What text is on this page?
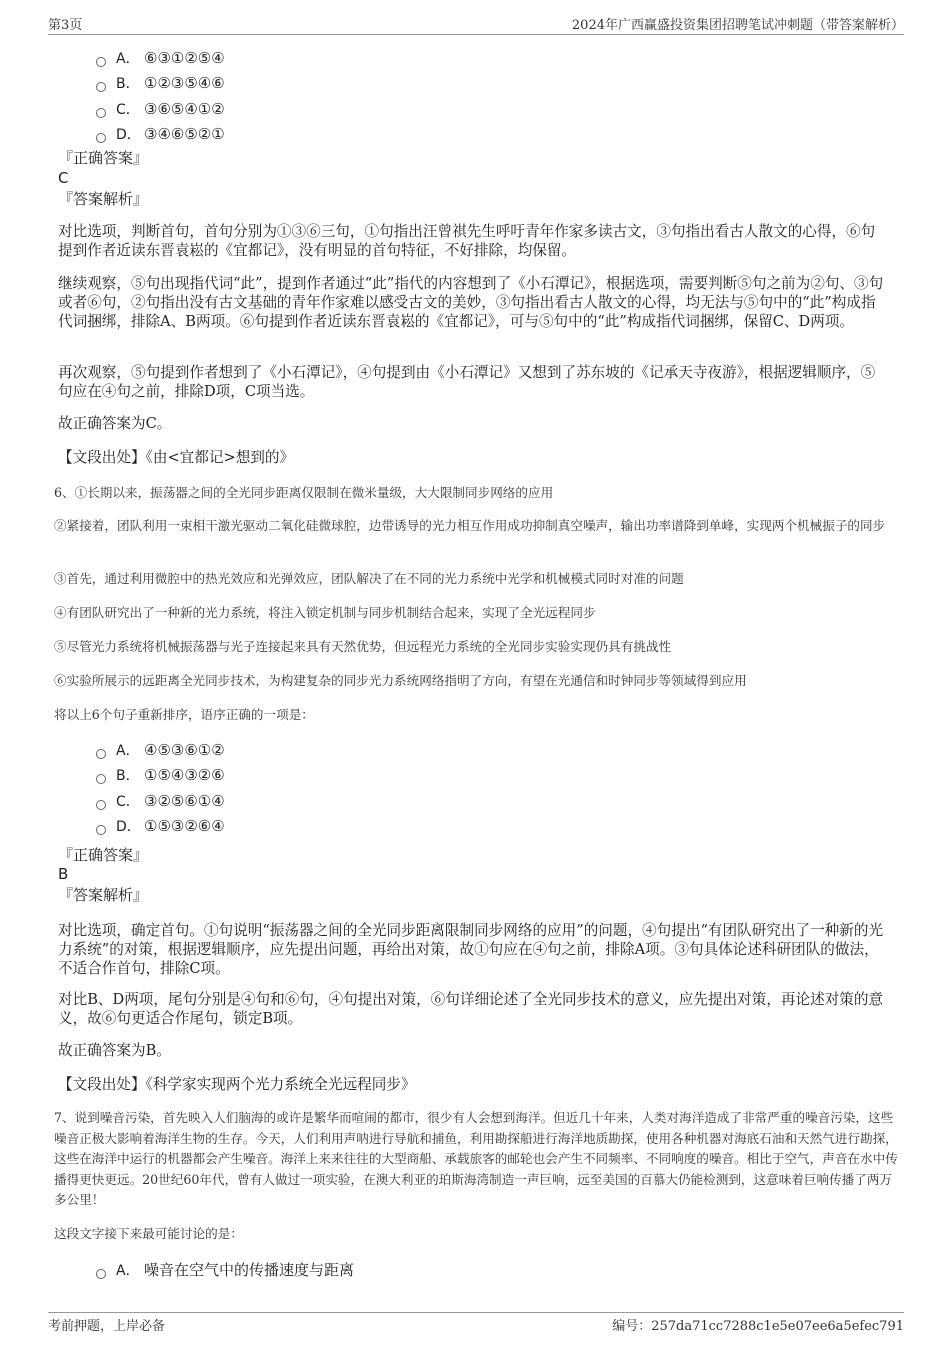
第3页	2024年广西赢盛投资集团招聘笔试冲刺题（带答案解析）
A． ⑥③①②⑤④
B． ①②③⑤④⑥
C． ③⑥⑤④①②
D． ③④⑥⑤②①
『正确答案』
C
『答案解析』

对比选项，判断首句，首句分别为①③⑥三句，①句指出汪曾祺先生呼吁青年作家多读古文，③句指出看古人散文的心得，⑥句提到作者近读东晋袁崧的《宜都记》，没有明显的首句特征，不好排除，均保留。

继续观察，⑤句出现指代词“此”，提到作者通过“此”指代的内容想到了《小石潭记》，根据选项，需要判断⑤句之前为②句、③句或者⑥句，②句指出没有古文基础的青年作家难以感受古文的美妙，③句指出看古人散文的心得，均无法与⑤句中的“此”构成指代词捆绑，排除A、B两项。⑥句提到作者近读东晋袁崧的《宜都记》，可与⑤句中的“此”构成指代词捆绑，保留C、D两项。

再次观察，⑤句提到作者想到了《小石潭记》，④句提到由《小石潭记》又想到了苏东坡的《记承天寺夜游》，根据逻辑顺序，⑤句应在④句之前，排除D项，C项当选。

故正确答案为C。

【文段出处】《由<宜都记>想到的》

6、①长期以来，振荡器之间的全光同步距离仅限制在微米量级，大大限制同步网络的应用

②紧接着，团队利用一束相干激光驱动二氧化硅微球腔，边带诱导的光力相互作用成功抑制真空噪声，输出功率谱降到单峰，实现两个机械振子的同步

③首先，通过利用微腔中的热光效应和光弹效应，团队解决了在不同的光力系统中光学和机械模式同时对准的问题

④有团队研究出了一种新的光力系统，将注入锁定机制与同步机制结合起来，实现了全光远程同步

⑤尽管光力系统将机械振荡器与光子连接起来具有天然优势，但远程光力系统的全光同步实验实现仍具有挑战性

⑥实验所展示的远距离全光同步技术，为构建复杂的同步光力系统网络指明了方向，有望在光通信和时钟同步等领域得到应用

将以上6个句子重新排序，语序正确的一项是：

A． ④⑤③⑥①②
B． ①⑤④③②⑥
C． ③②⑤⑥①④
D． ①⑤③②⑥④
『正确答案』
B
『答案解析』

对比选项，确定首句。①句说明“振荡器之间的全光同步距离限制同步网络的应用”的问题，④句提出“有团队研究出了一种新的光力系统”的对策，根据逻辑顺序，应先提出问题，再给出对策，故①句应在④句之前，排除A项。③句具体论述科研团队的做法，不适合作首句，排除C项。

对比B、D两项，尾句分别是④句和⑥句，④句提出对策，⑥句详细论述了全光同步技术的意义，应先提出对策，再论述对策的意义，故⑥句更适合作尾句，锁定B项。

故正确答案为B。

【文段出处】《科学家实现两个光力系统全光远程同步》

7、说到噪音污染，首先映入人们脑海的或许是繁华而喧闹的都市，很少有人会想到海洋。但近几十年来，人类对海洋造成了非常严重的噪音污染，这些噪音正极大影响着海洋生物的生存。今天，人们利用声呐进行导航和捕鱼，利用勘探船进行海洋地质勘探，使用各种机器对海底石油和天然气进行勘探，这些在海洋中运行的机器都会产生噪音。海洋上来来往往的大型商船、承载旅客的邮轮也会产生不同频率、不同响度的噪音。相比于空气，声音在水中传播得更快更远。20世纪60年代，曾有人做过一项实验，在澳大利亚的珀斯海湾制造一声巨响，远至美国的百慕大仍能检测到，这意味着巨响传播了两万多公里！

这段文字接下来最可能讨论的是：

A． 噪音在空气中的传播速度与距离
考前押题，上岸必备	编号：257da71cc7288c1e5e07ee6a5efec791
